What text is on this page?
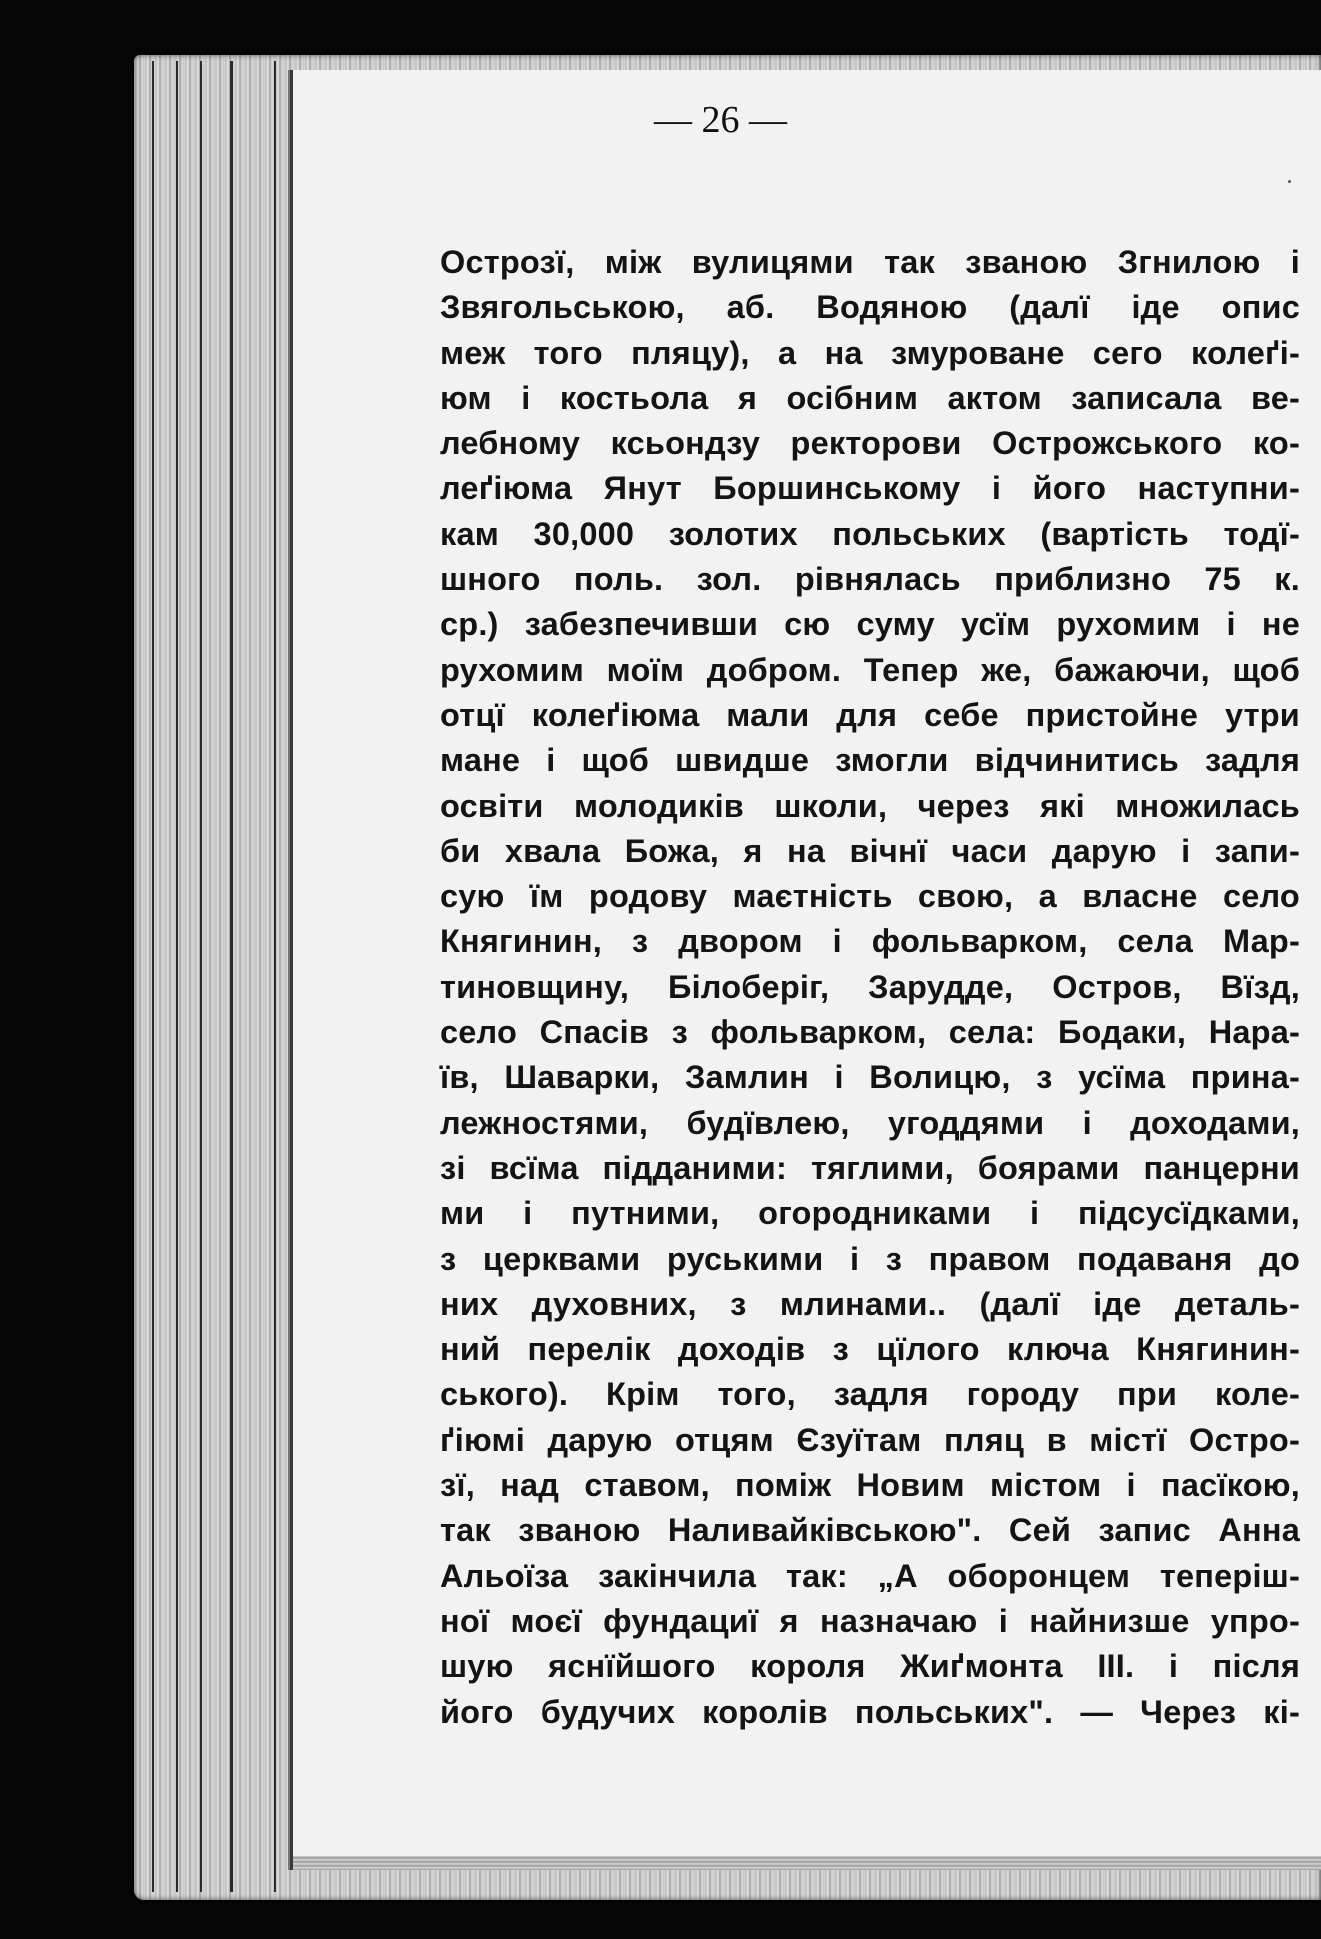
— 26 —
Острозї, між вулицями так званою Згнилою і
Звягольською, аб. Водяною (далї іде опис
меж того пляцу), а на змуроване сего колеґі-
юм і костьола я осібним актом записала ве-
лебному ксьондзу ректорови Острожського ко-
леґіюма Янут Боршинському і його наступни-
кам 30,000 золотих польських (вартість тодї-
шного поль. зол. рівнялась приблизно 75 к.
ср.) забезпечивши сю суму усїм рухомим і не
рухомим моїм добром. Тепер же, бажаючи, щоб
отцї колеґіюма мали для себе пристойне утри
мане і щоб швидше змогли відчинитись задля
освіти молодиків школи, через які множилась
би хвала Божа, я на вічнї часи дарую і запи-
сую їм родову маєтність свою, а власне село
Княгинин, з двором і фольварком, села Мар-
тиновщину, Білоберіг, Зарудде, Остров, Вїзд,
село Спасів з фольварком, села: Бодаки, Нара-
їв, Шаварки, Замлин і Волицю, з усїма прина-
лежностями, будївлею, угоддями і доходами,
зі всїма підданими: тяглими, боярами панцерни
ми і путними, огородниками і підсусїдками,
з церквами руськими і з правом подаваня до
них духовних, з млинами.. (далї іде деталь-
ний перелік доходів з цїлого ключа Княгинин-
ського). Крім того, задля городу при коле-
ґіюмі дарую отцям Єзуїтам пляц в містї Остро-
зї, над ставом, поміж Новим містом і пасїкою,
так званою Наливайківською". Сей запис Анна
Альоїза закінчила так: „А оборонцем теперіш-
ної моєї фундациї я назначаю і найнизше упро-
шую яснїйшого короля Жиґмонта III. і після
його будучих королів польських". — Через кі-
